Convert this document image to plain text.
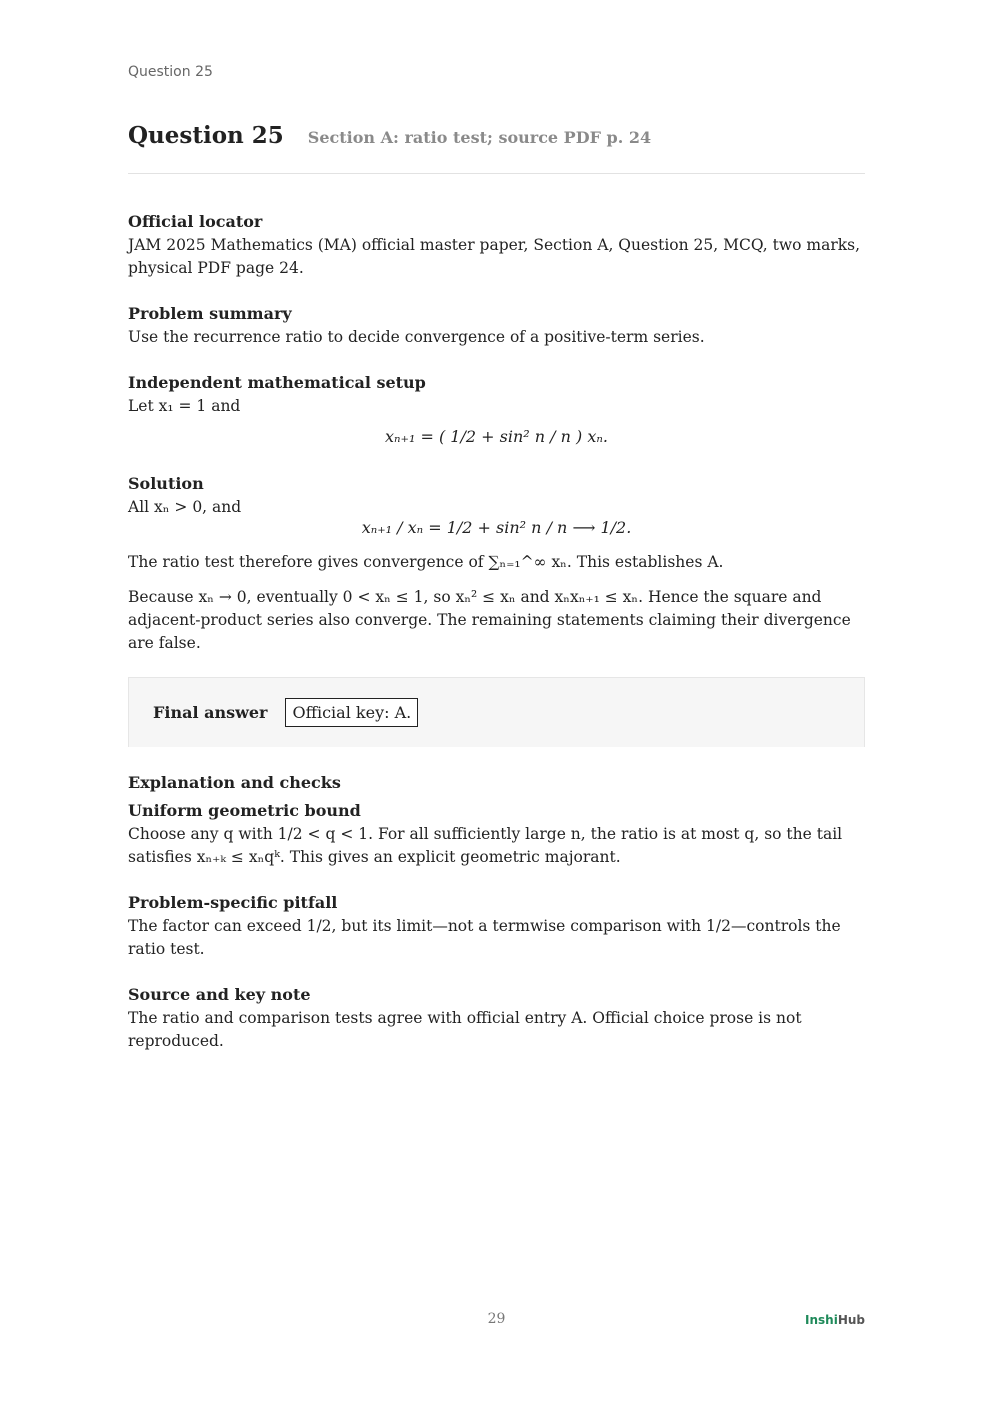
Question 25
Question 25 Section A: ratio test; source PDF p. 24
Official locator

JAM 2025 Mathematics (MA) official master paper, Section A, Question 25, MCQ, two marks, physical PDF page 24.

Problem summary

Use the recurrence ratio to decide convergence of a positive-term series.

Independent mathematical setup

Let x₁ = 1 and

xₙ₊₁ = ( 1/2 + sin² n / n ) xₙ.
Solution

All xₙ > 0, and

xₙ₊₁ / xₙ = 1/2 + sin² n / n ⟶ 1/2.

The ratio test therefore gives convergence of ∑ₙ₌₁^∞ xₙ. This establishes A.

Because xₙ → 0, eventually 0 < xₙ ≤ 1, so xₙ² ≤ xₙ and xₙxₙ₊₁ ≤ xₙ. Hence the square and adjacent-product series also converge. The remaining statements claiming their divergence are false.

Final answer	Official key: A.
Explanation and checks
Uniform geometric bound

Choose any q with 1/2 < q < 1. For all sufficiently large n, the ratio is at most q, so the tail satisfies xₙ₊ₖ ≤ xₙqᵏ. This gives an explicit geometric majorant.

Problem-specific pitfall

The factor can exceed 1/2, but its limit—not a termwise comparison with 1/2—controls the ratio test.

Source and key note

The ratio and comparison tests agree with official entry A. Official choice prose is not reproduced.

29	InshiHub
